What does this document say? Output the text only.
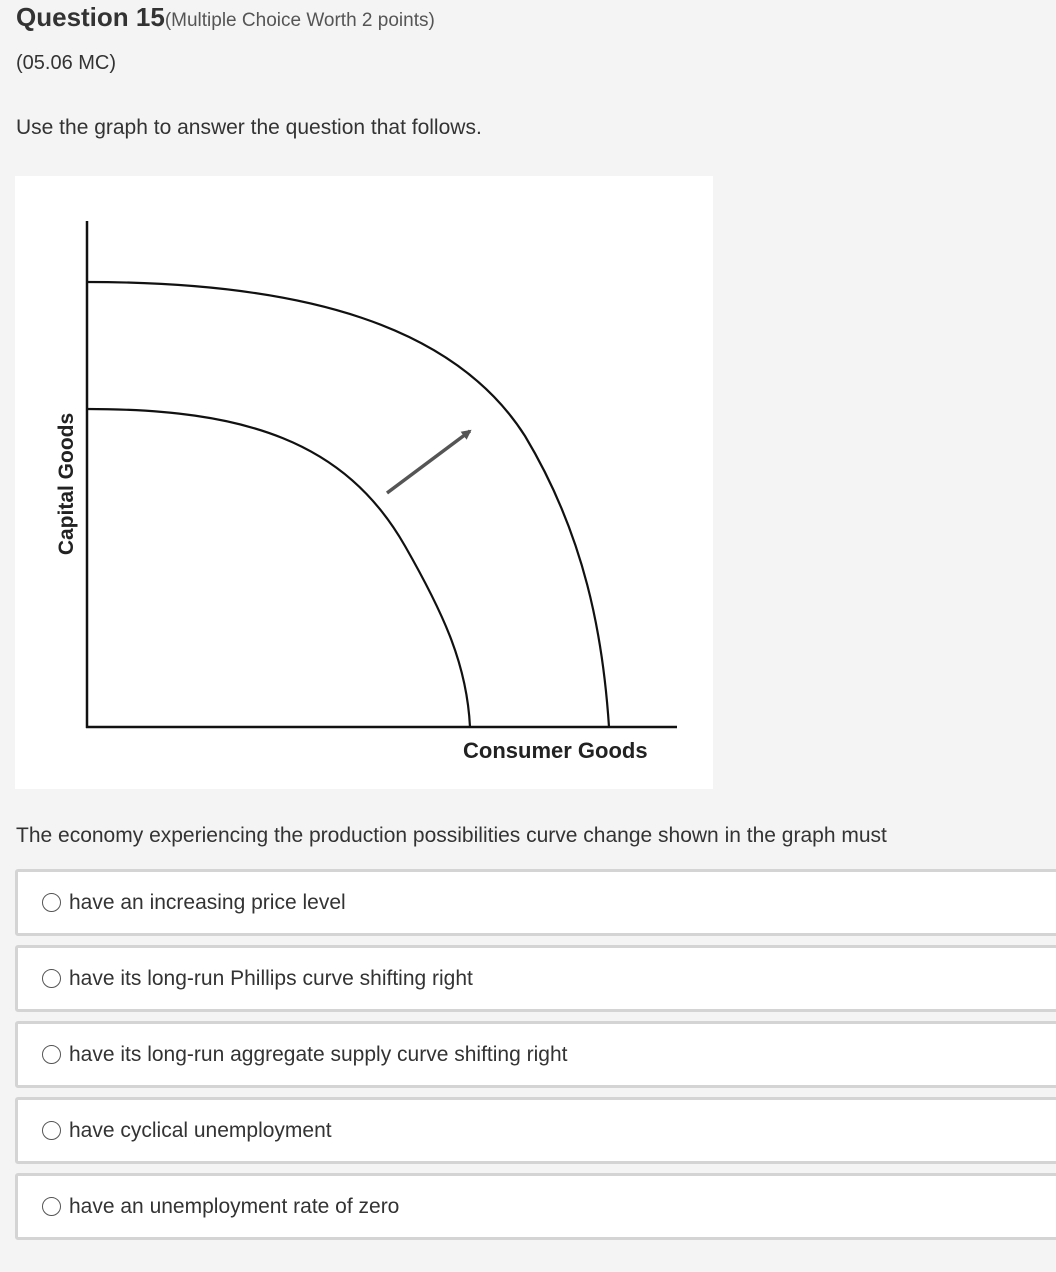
Question 15(Multiple Choice Worth 2 points)
(05.06 MC)
Use the graph to answer the question that follows.
Capital Goods
Consumer Goods
The economy experiencing the production possibilities curve change shown in the graph must
have an increasing price level
have its long-run Phillips curve shifting right
have its long-run aggregate supply curve shifting right
have cyclical unemployment
have an unemployment rate of zero
